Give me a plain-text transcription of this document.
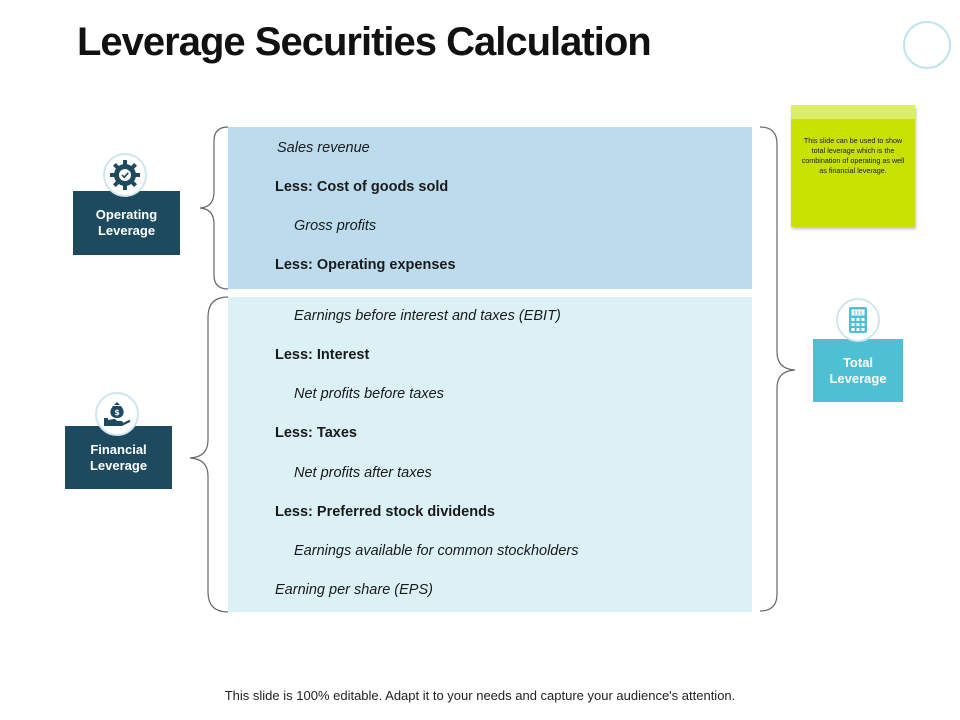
Leverage Securities Calculation
Sales revenue
Less: Cost of goods sold
Gross profits
Less: Operating expenses
Earnings before interest and taxes (EBIT)
Less: Interest
Net profits before taxes
Less: Taxes
Net profits after taxes
Less: Preferred stock dividends
Earnings available for common stockholders
Earning per share (EPS)
Operating Leverage
Financial Leverage
$
Total Leverage
$$$
This slide can be used to show total leverage which is the combination of operating as well as financial leverage.
This slide is 100% editable. Adapt it to your needs and capture your audience's attention.
